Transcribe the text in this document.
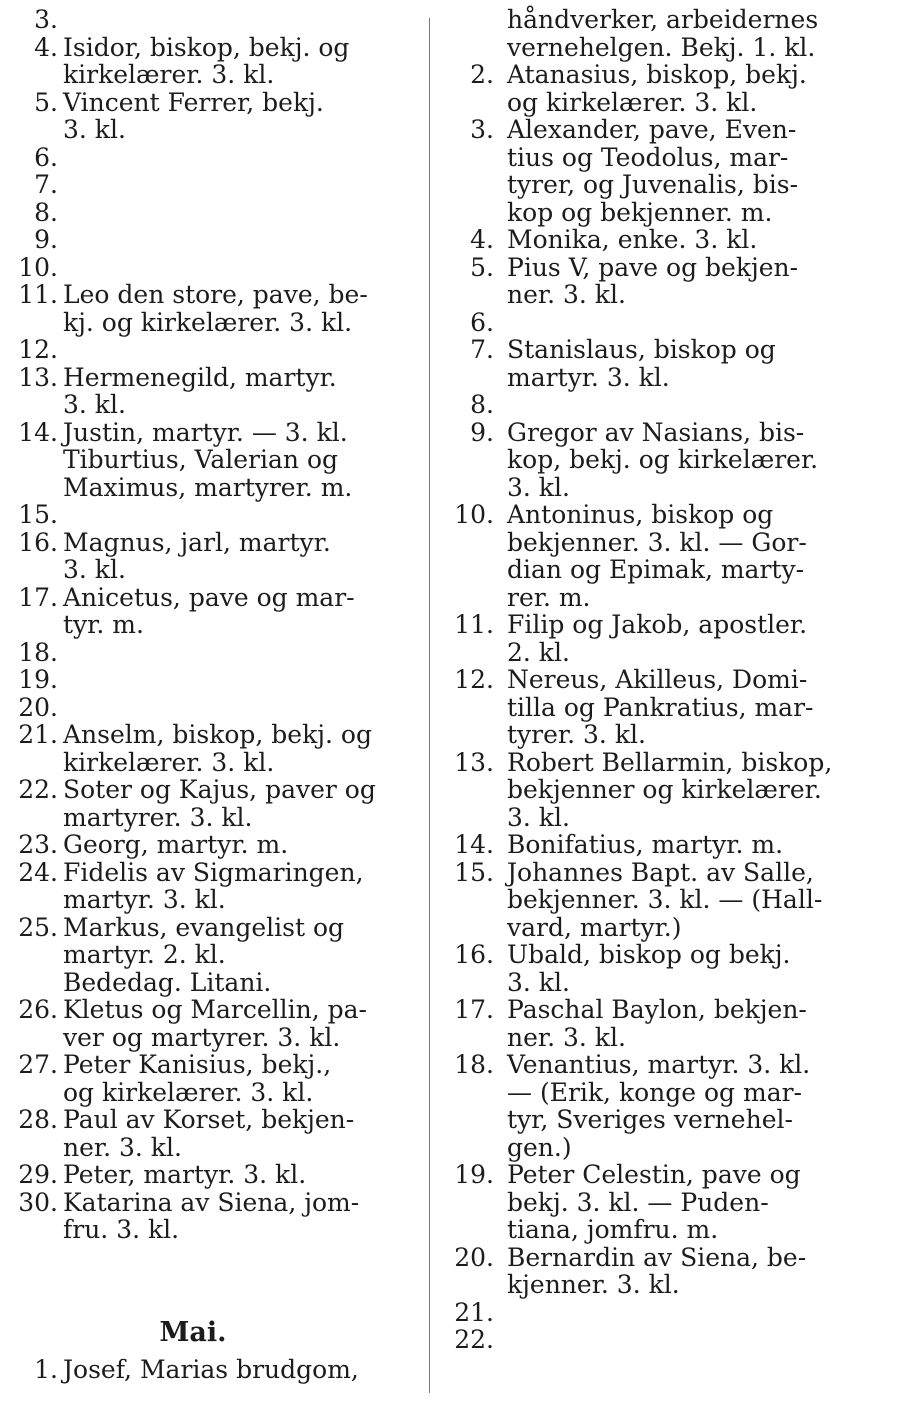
3.

4. Isidor, biskop, bekj. og
kirkelærer. 3. kl.
5. Vincent Ferrer, bekj.
3. kl.
6.

7.

8.

9.

10.

11. Leo den store, pave, be-
kj. og kirkelærer. 3. kl.
12.

13. Hermenegild, martyr.
3. kl.
14. Justin, martyr. — 3. kl.
Tiburtius, Valerian og
Maximus, martyrer. m.
15.

16. Magnus, jarl, martyr.
3. kl.
17. Anicetus, pave og mar-
tyr. m.
18.

19.

20.

21. Anselm, biskop, bekj. og
kirkelærer. 3. kl.
22. Soter og Kajus, paver og
martyrer. 3. kl.
23. Georg, martyr. m.
24. Fidelis av Sigmaringen,
martyr. 3. kl.
25. Markus, evangelist og
martyr. 2. kl.
Bededag. Litani.
26. Kletus og Marcellin, pa-
ver og martyrer. 3. kl.
27. Peter Kanisius, bekj.,
og kirkelærer. 3. kl.
28. Paul av Korset, bekjen-
ner. 3. kl.
29. Peter, martyr. 3. kl.
30. Katarina av Siena, jom-
fru. 3. kl.
Mai.
1. Josef, Marias brudgom,
håndverker, arbeidernes
vernehelgen. Bekj. 1. kl.
2. Atanasius, biskop, bekj.
og kirkelærer. 3. kl.
3. Alexander, pave, Even-
tius og Teodolus, mar-
tyrer, og Juvenalis, bis-
kop og bekjenner. m.
4. Monika, enke. 3. kl.
5. Pius V, pave og bekjen-
ner. 3. kl.
6.

7. Stanislaus, biskop og
martyr. 3. kl.
8.

9. Gregor av Nasians, bis-
kop, bekj. og kirkelærer.
3. kl.
10. Antoninus, biskop og
bekjenner. 3. kl. — Gor-
dian og Epimak, marty-
rer. m.
11. Filip og Jakob, apostler.
2. kl.
12. Nereus, Akilleus, Domi-
tilla og Pankratius, mar-
tyrer. 3. kl.
13. Robert Bellarmin, biskop,
bekjenner og kirkelærer.
3. kl.
14. Bonifatius, martyr. m.
15. Johannes Bapt. av Salle,
bekjenner. 3. kl. — (Hall-
vard, martyr.)
16. Ubald, biskop og bekj.
3. kl.
17. Paschal Baylon, bekjen-
ner. 3. kl.
18. Venantius, martyr. 3. kl.
— (Erik, konge og mar-
tyr, Sveriges vernehel-
gen.)
19. Peter Celestin, pave og
bekj. 3. kl. — Puden-
tiana, jomfru. m.
20. Bernardin av Siena, be-
kjenner. 3. kl.
21.

22.
